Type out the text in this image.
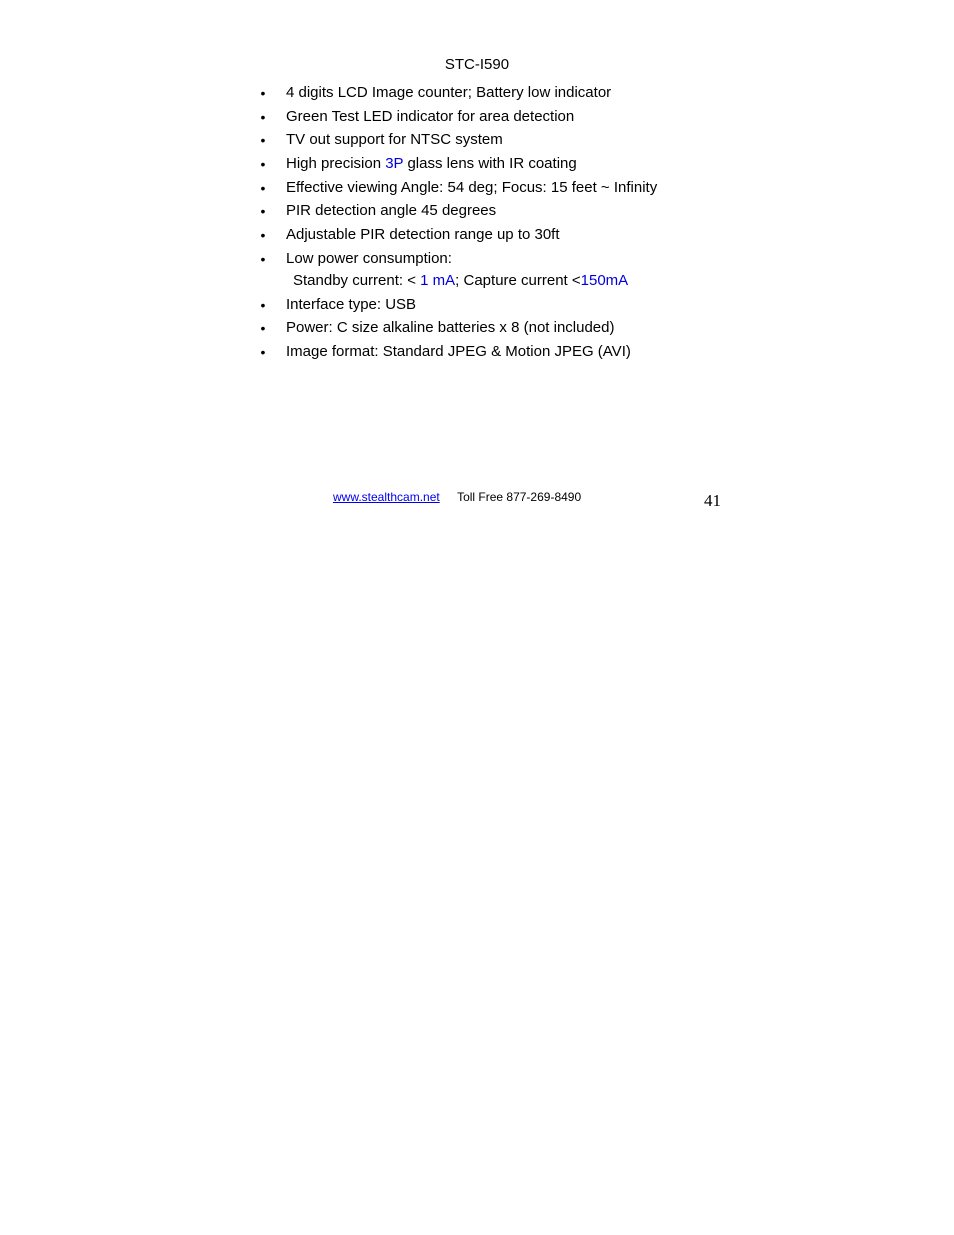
STC-I590
• 4 digits LCD Image counter; Battery low indicator
• Green Test LED indicator for area detection
• TV out support for NTSC system
• High precision 3P glass lens with IR coating
• Effective viewing Angle: 54 deg; Focus: 15 feet ~ Infinity
• PIR detection angle 45 degrees
• Adjustable PIR detection range up to 30ft
• Low power consumption:
Standby current: < 1 mA; Capture current <150mA
• Interface type: USB
• Power: C size alkaline batteries x 8 (not included)
• Image format: Standard JPEG & Motion JPEG (AVI)
www.stealthcam.net Toll Free 877-269-8490	41
